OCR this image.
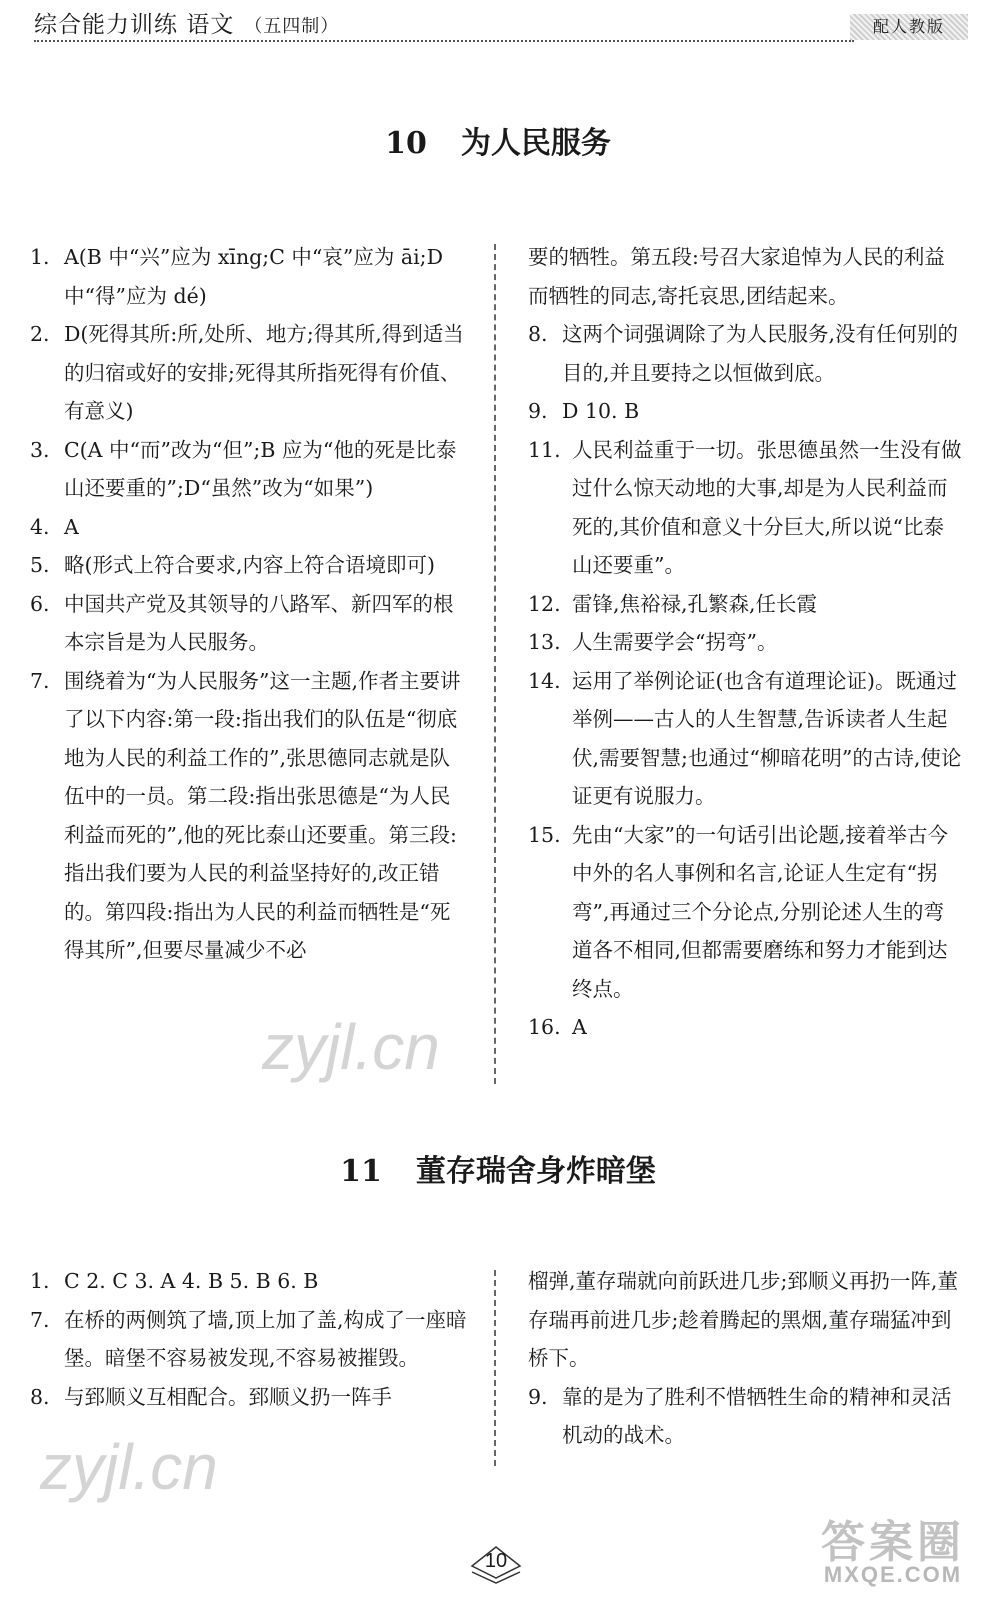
综合能力训练 语文 （五四制）	配人教版
10 为人民服务
1. A(B 中“兴”应为 xīng;C 中“哀”应为 āi;D 中“得”应为 dé)
2. D(死得其所:所,处所、地方;得其所,得到适当的归宿或好的安排;死得其所指死得有价值、有意义)
3. C(A 中“而”改为“但”;B 应为“他的死是比泰山还要重的”;D“虽然”改为“如果”)
4. A
5. 略(形式上符合要求,内容上符合语境即可)
6. 中国共产党及其领导的八路军、新四军的根本宗旨是为人民服务。
7. 围绕着为“为人民服务”这一主题,作者主要讲了以下内容:第一段:指出我们的队伍是“彻底地为人民的利益工作的”,张思德同志就是队伍中的一员。第二段:指出张思德是“为人民利益而死的”,他的死比泰山还要重。第三段:指出我们要为人民的利益坚持好的,改正错的。第四段:指出为人民的利益而牺牲是“死得其所”,但要尽量减少不必
要的牺牲。第五段:号召大家追悼为人民的利益而牺牲的同志,寄托哀思,团结起来。
8. 这两个词强调除了为人民服务,没有任何别的目的,并且要持之以恒做到底。
9. D 10. B
11. 人民利益重于一切。张思德虽然一生没有做过什么惊天动地的大事,却是为人民利益而死的,其价值和意义十分巨大,所以说“比泰山还要重”。
12. 雷锋,焦裕禄,孔繁森,任长霞
13. 人生需要学会“拐弯”。
14. 运用了举例论证(也含有道理论证)。既通过举例——古人的人生智慧,告诉读者人生起伏,需要智慧;也通过“柳暗花明”的古诗,使论证更有说服力。
15. 先由“大家”的一句话引出论题,接着举古今中外的名人事例和名言,论证人生定有“拐弯”,再通过三个分论点,分别论述人生的弯道各不相同,但都需要磨练和努力才能到达终点。
16. A
11 董存瑞舍身炸暗堡
1. C 2. C 3. A 4. B 5. B 6. B
7. 在桥的两侧筑了墙,顶上加了盖,构成了一座暗堡。暗堡不容易被发现,不容易被摧毁。
8. 与郅顺义互相配合。郅顺义扔一阵手
榴弹,董存瑞就向前跃进几步;郅顺义再扔一阵,董存瑞再前进几步;趁着腾起的黑烟,董存瑞猛冲到桥下。
9. 靠的是为了胜利不惜牺牲生命的精神和灵活机动的战术。
zyjl.cn
zyjl.cn
10	答案圈
MXQE.COM
